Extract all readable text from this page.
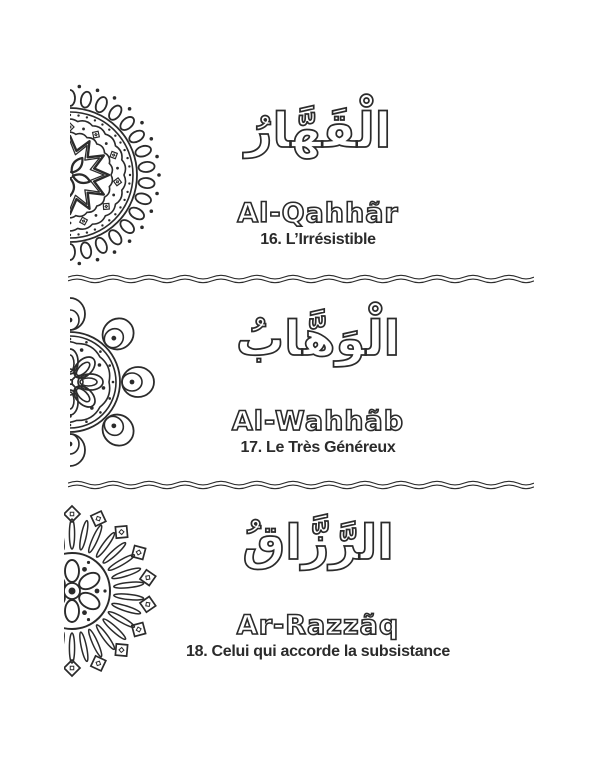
الْقَهَّارُ
Al-Qahhãr
16. L’Irrésistible
الْوَهَّابُ
Al-Wahhãb
17. Le Très Généreux
الرَّزَّاقُ
Ar-Razzãq
18. Celui qui accorde la subsistance
